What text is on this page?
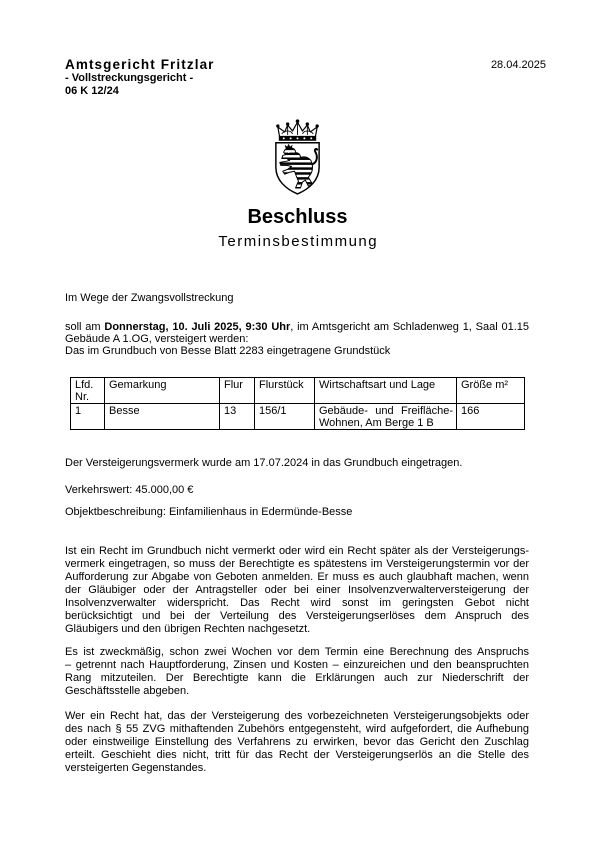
Amtsgericht Fritzlar
- Vollstreckungsgericht -
06 K 12/24
28.04.2025
Beschluss
Terminsbestimmung
Im Wege der Zwangsvollstreckung
soll am Donnerstag, 10. Juli 2025, 9:30 Uhr, im Amtsgericht am Schladenweg 1, Saal 01.15
Gebäude A 1.OG, versteigert werden:
Das im Grundbuch von Besse Blatt 2283 eingetragene Grundstück
Lfd. Nr.	Gemarkung	Flur	Flurstück	Wirtschaftsart und Lage	Größe m²
1	Besse	13	156/1	Gebäude- und Freifläche-Wohnen, Am Berge 1 B	166
Der Versteigerungsvermerk wurde am 17.07.2024 in das Grundbuch eingetragen.
Verkehrswert: 45.000,00 €
Objektbeschreibung: Einfamilienhaus in Edermünde-Besse
Ist ein Recht im Grundbuch nicht vermerkt oder wird ein Recht später als der Versteigerungs-
vermerk eingetragen, so muss der Berechtigte es spätestens im Versteigerungstermin vor der
Aufforderung zur Abgabe von Geboten anmelden. Er muss es auch glaubhaft machen, wenn
der Gläubiger oder der Antragsteller oder bei einer Insolvenzverwalterversteigerung der
Insolvenzverwalter widerspricht. Das Recht wird sonst im geringsten Gebot nicht
berücksichtigt und bei der Verteilung des Versteigerungserlöses dem Anspruch des
Gläubigers und den übrigen Rechten nachgesetzt.
Es ist zweckmäßig, schon zwei Wochen vor dem Termin eine Berechnung des Anspruchs
– getrennt nach Hauptforderung, Zinsen und Kosten – einzureichen und den beanspruchten
Rang mitzuteilen. Der Berechtigte kann die Erklärungen auch zur Niederschrift der
Geschäftsstelle abgeben.
Wer ein Recht hat, das der Versteigerung des vorbezeichneten Versteigerungsobjekts oder
des nach § 55 ZVG mithaftenden Zubehörs entgegensteht, wird aufgefordert, die Aufhebung
oder einstweilige Einstellung des Verfahrens zu erwirken, bevor das Gericht den Zuschlag
erteilt. Geschieht dies nicht, tritt für das Recht der Versteigerungserlös an die Stelle des
versteigerten Gegenstandes.
